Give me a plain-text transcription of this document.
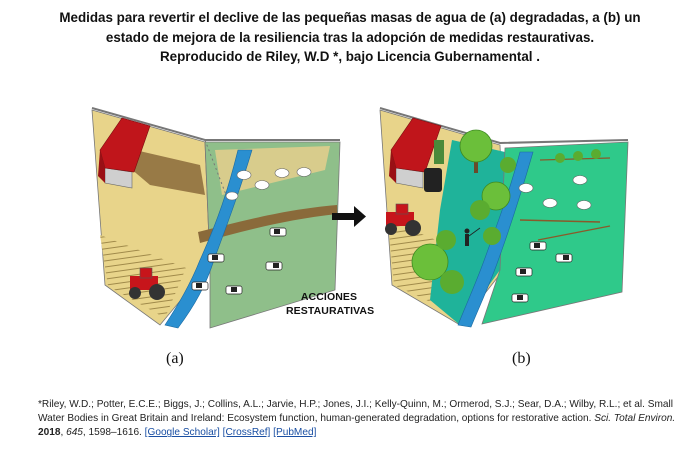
Medidas para revertir el declive de las pequeñas masas de agua de (a) degradadas, a (b) un
estado de mejora de la resiliencia tras la adopción de medidas restaurativas.
Reproducido de Riley, W.D *, bajo Licencia Gubernamental .
ACCIONES
RESTAURATIVAS
(a)	(b)
*Riley, W.D.; Potter, E.C.E.; Biggs, J.; Collins, A.L.; Jarvie, H.P.; Jones, J.I.; Kelly-Quinn, M.; Ormerod, S.J.; Sear, D.A.; Wilby, R.L.; et al. Small Water Bodies in Great Britain and Ireland: Ecosystem function, human-generated degradation, options for restorative action. Sci. Total Environ. 2018, 645, 1598–1616. [Google Scholar] [CrossRef] [PubMed]
